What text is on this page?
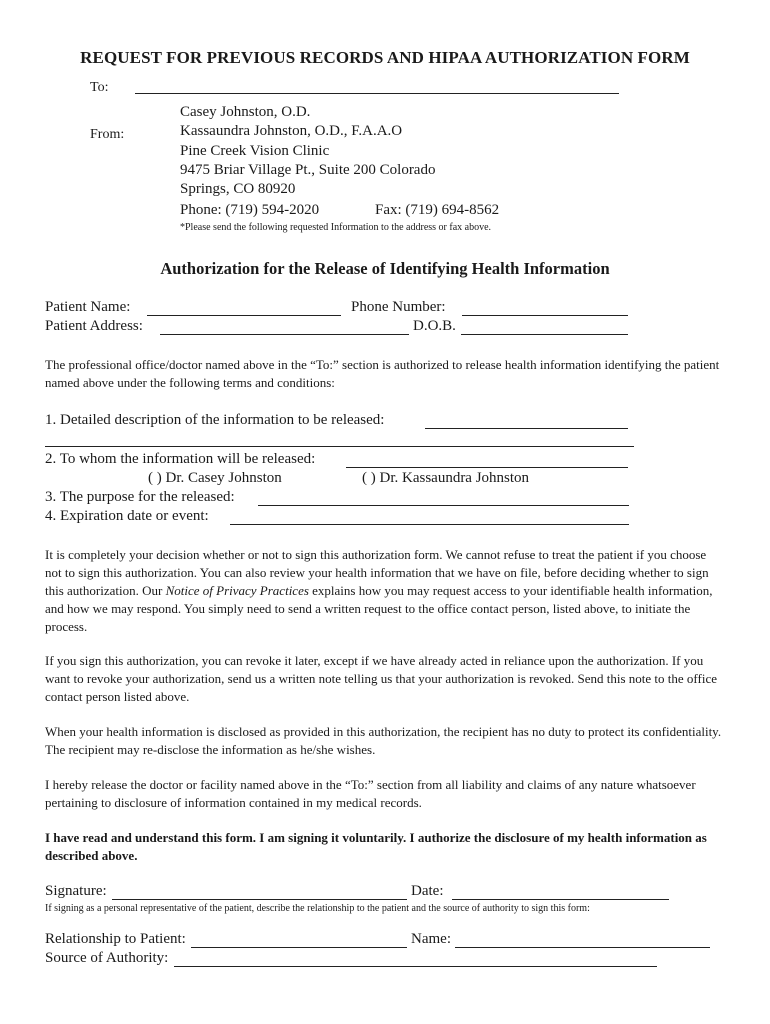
REQUEST FOR PREVIOUS RECORDS AND HIPAA AUTHORIZATION FORM
To:
From:
Casey Johnston, O.D.
Kassaundra Johnston, O.D., F.A.A.O
Pine Creek Vision Clinic
9475 Briar Village Pt., Suite 200 Colorado
Springs, CO 80920
Phone: (719) 594-2020	Fax: (719) 694-8562
*Please send the following requested Information to the address or fax above.
Authorization for the Release of Identifying Health Information
Patient Name:	Phone Number:
Patient Address:	D.O.B.
The professional office/doctor named above in the “To:” section is authorized to release health information identifying the patient named above under the following terms and conditions:
1. Detailed description of the information to be released:
2. To whom the information will be released:
( ) Dr. Casey Johnston	( ) Dr. Kassaundra Johnston
3. The purpose for the released:
4. Expiration date or event:
It is completely your decision whether or not to sign this authorization form. We cannot refuse to treat the patient if you choose not to sign this authorization. You can also review your health information that we have on file, before deciding whether to sign this authorization. Our Notice of Privacy Practices explains how you may request access to your identifiable health information, and how we may respond. You simply need to send a written request to the office contact person, listed above, to initiate the process.
If you sign this authorization, you can revoke it later, except if we have already acted in reliance upon the authorization. If you want to revoke your authorization, send us a written note telling us that your authorization is revoked. Send this note to the office contact person listed above.
When your health information is disclosed as provided in this authorization, the recipient has no duty to protect its confidentiality. The recipient may re-disclose the information as he/she wishes.
I hereby release the doctor or facility named above in the “To:” section from all liability and claims of any nature whatsoever pertaining to disclosure of information contained in my medical records.
I have read and understand this form. I am signing it voluntarily. I authorize the disclosure of my health information as described above.
Signature:	Date:
If signing as a personal representative of the patient, describe the relationship to the patient and the source of authority to sign this form:
Relationship to Patient:	Name:
Source of Authority:
